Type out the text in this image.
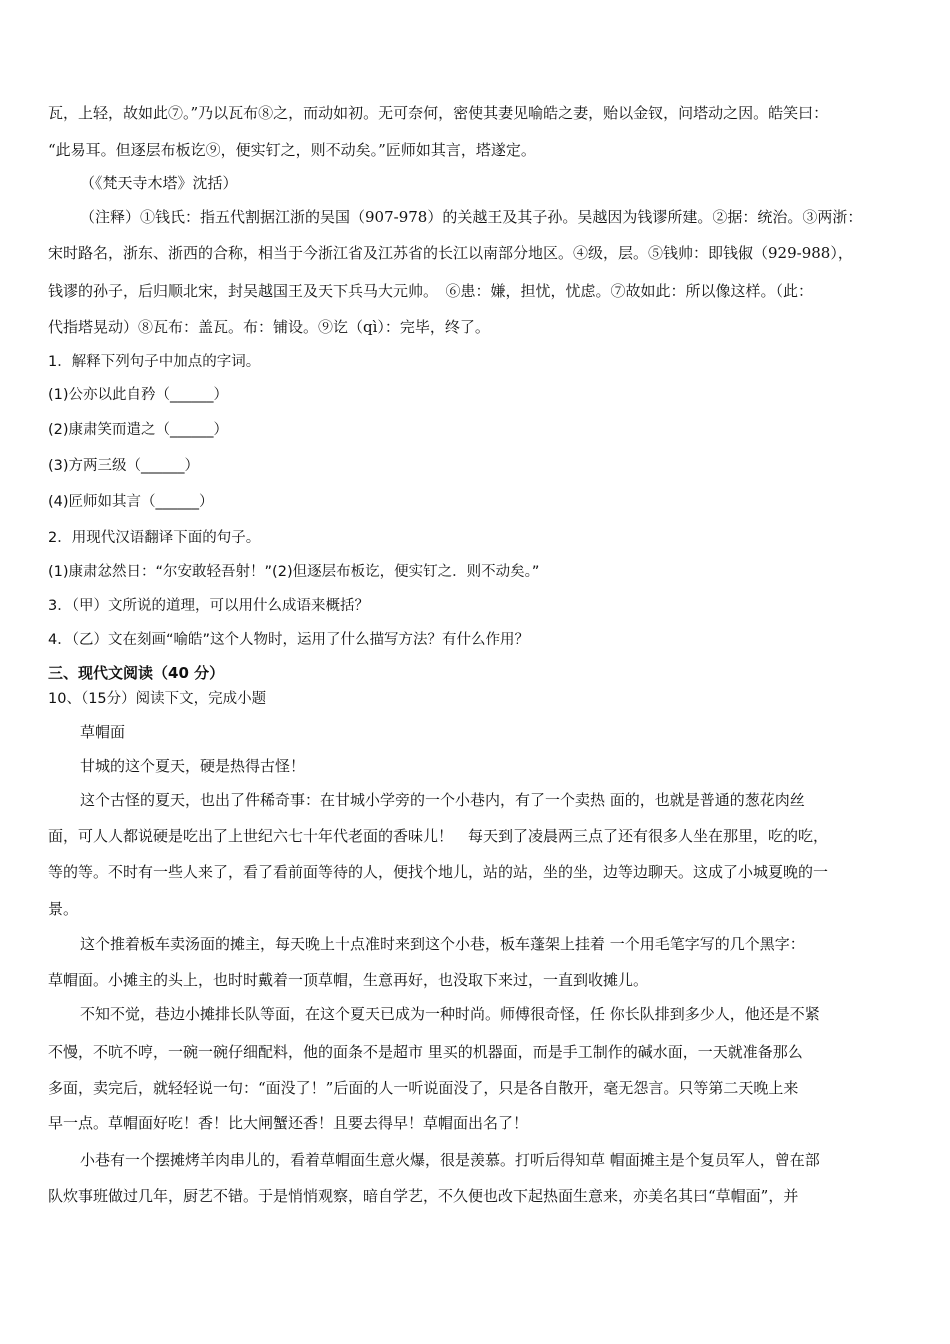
瓦，上轻，故如此⑦。”乃以瓦布⑧之，而动如初。无可奈何，密使其妻见喻皓之妻，贻以金钗，问塔动之因。皓笑曰：

“此易耳。但逐层布板讫⑨，便实钉之，则不动矣。”匠师如其言，塔遂定。

（《梵天寺木塔》沈括）

（注释）①钱氏：指五代割据江浙的吴国（907-978）的关越王及其子孙。吴越因为钱谬所建。②据：统治。③两浙：

宋时路名，浙东、浙西的合称，相当于今浙江省及江苏省的长江以南部分地区。④级，层。⑤钱帅：即钱俶（929-988），

钱谬的孙子，后归顺北宋，封吴越国王及天下兵马大元帅。　⑥患：嫌，担忧，忧虑。⑦故如此：所以像这样。（此：

代指塔晃动）⑧瓦布：盖瓦。布：铺设。⑨讫（qì）：完毕，终了。

1．解释下列句子中加点的字词。

(1)公亦以此自矜（______）

(2)康肃笑而遣之（______）

(3)方两三级（______）

(4)匠师如其言（______）

2．用现代汉语翻译下面的句子。

(1)康肃忿然日：“尔安敢轻吾射！”(2)但逐层布板讫，便实钉之．则不动矣。”

3．（甲）文所说的道理，可以用什么成语来概括？

4．（乙）文在刻画“喻皓”这个人物时，运用了什么描写方法？有什么作用？

三、现代文阅读（40 分）

10、（15分）阅读下文，完成小题

草帽面

甘城的这个夏天，硬是热得古怪！

这个古怪的夏天，也出了件稀奇事：在甘城小学旁的一个小巷内，有了一个卖热 面的，也就是普通的葱花肉丝

面，可人人都说硬是吃出了上世纪六七十年代老面的香味儿！　每天到了凌晨两三点了还有很多人坐在那里，吃的吃，

等的等。不时有一些人来了，看了看前面等待的人，便找个地儿，站的站，坐的坐，边等边聊天。这成了小城夏晚的一

景。

这个推着板车卖汤面的摊主，每天晚上十点准时来到这个小巷，板车蓬架上挂着 一个用毛笔字写的几个黑字：

草帽面。小摊主的头上，也时时戴着一顶草帽，生意再好，也没取下来过，一直到收摊儿。

不知不觉，巷边小摊排长队等面，在这个夏天已成为一种时尚。师傅很奇怪，任 你长队排到多少人，他还是不紧

不慢，不吭不哼，一碗一碗仔细配料，他的面条不是超市 里买的机器面，而是手工制作的碱水面，一天就准备那么

多面，卖完后，就轻轻说一句：“面没了！”后面的人一听说面没了，只是各自散开，毫无怨言。只等第二天晚上来

早一点。草帽面好吃！香！比大闸蟹还香！且要去得早！草帽面出名了！

小巷有一个摆摊烤羊肉串儿的，看着草帽面生意火爆，很是羡慕。打听后得知草 帽面摊主是个复员军人，曾在部

队炊事班做过几年，厨艺不错。于是悄悄观察，暗自学艺，不久便也改下起热面生意来，亦美名其曰“草帽面”，并
